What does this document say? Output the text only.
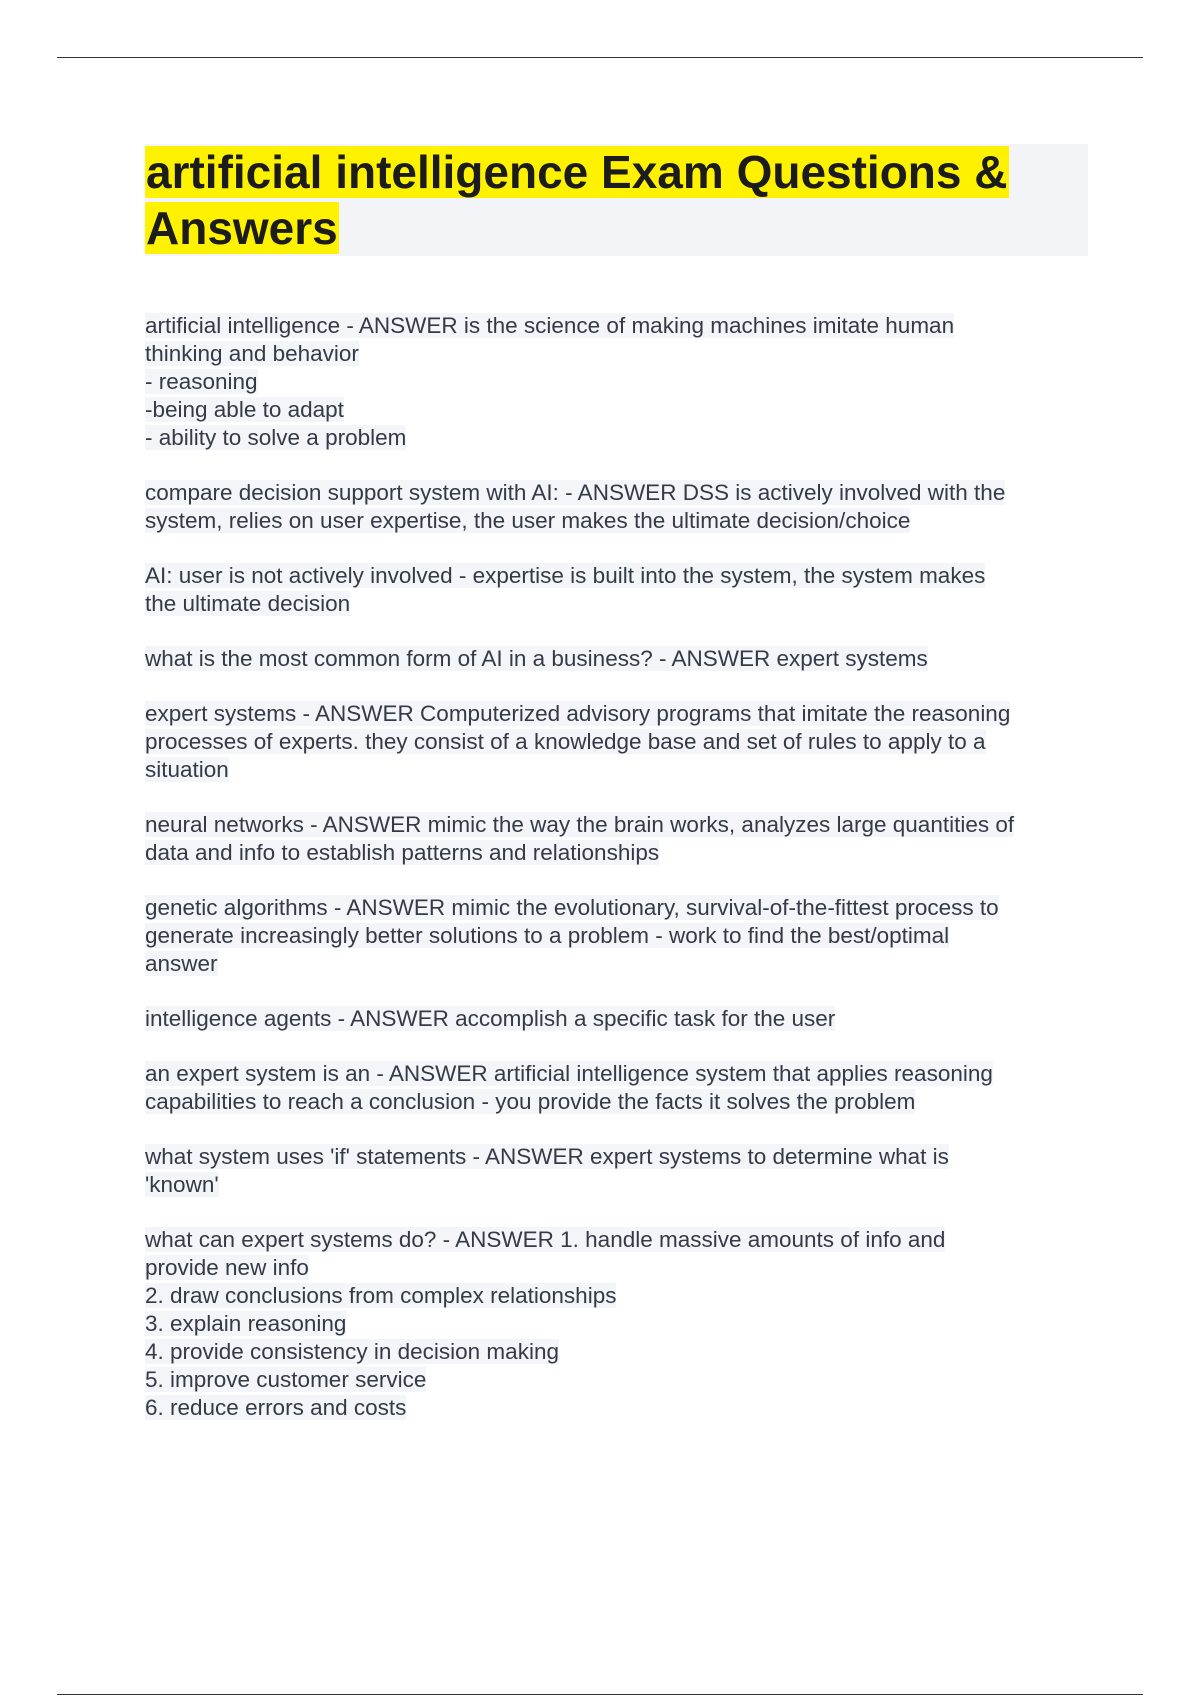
artificial intelligence Exam Questions &
Answers
artificial intelligence - ANSWER is the science of making machines imitate human
thinking and behavior
- reasoning
-being able to adapt
- ability to solve a problem
compare decision support system with AI: - ANSWER DSS is actively involved with the
system, relies on user expertise, the user makes the ultimate decision/choice
AI: user is not actively involved - expertise is built into the system, the system makes
the ultimate decision
what is the most common form of AI in a business? - ANSWER expert systems
expert systems - ANSWER Computerized advisory programs that imitate the reasoning
processes of experts. they consist of a knowledge base and set of rules to apply to a
situation
neural networks - ANSWER mimic the way the brain works, analyzes large quantities of
data and info to establish patterns and relationships
genetic algorithms - ANSWER mimic the evolutionary, survival-of-the-fittest process to
generate increasingly better solutions to a problem - work to find the best/optimal
answer
intelligence agents - ANSWER accomplish a specific task for the user
an expert system is an - ANSWER artificial intelligence system that applies reasoning
capabilities to reach a conclusion - you provide the facts it solves the problem
what system uses 'if' statements - ANSWER expert systems to determine what is
'known'
what can expert systems do? - ANSWER 1. handle massive amounts of info and
provide new info
2. draw conclusions from complex relationships
3. explain reasoning
4. provide consistency in decision making
5. improve customer service
6. reduce errors and costs
